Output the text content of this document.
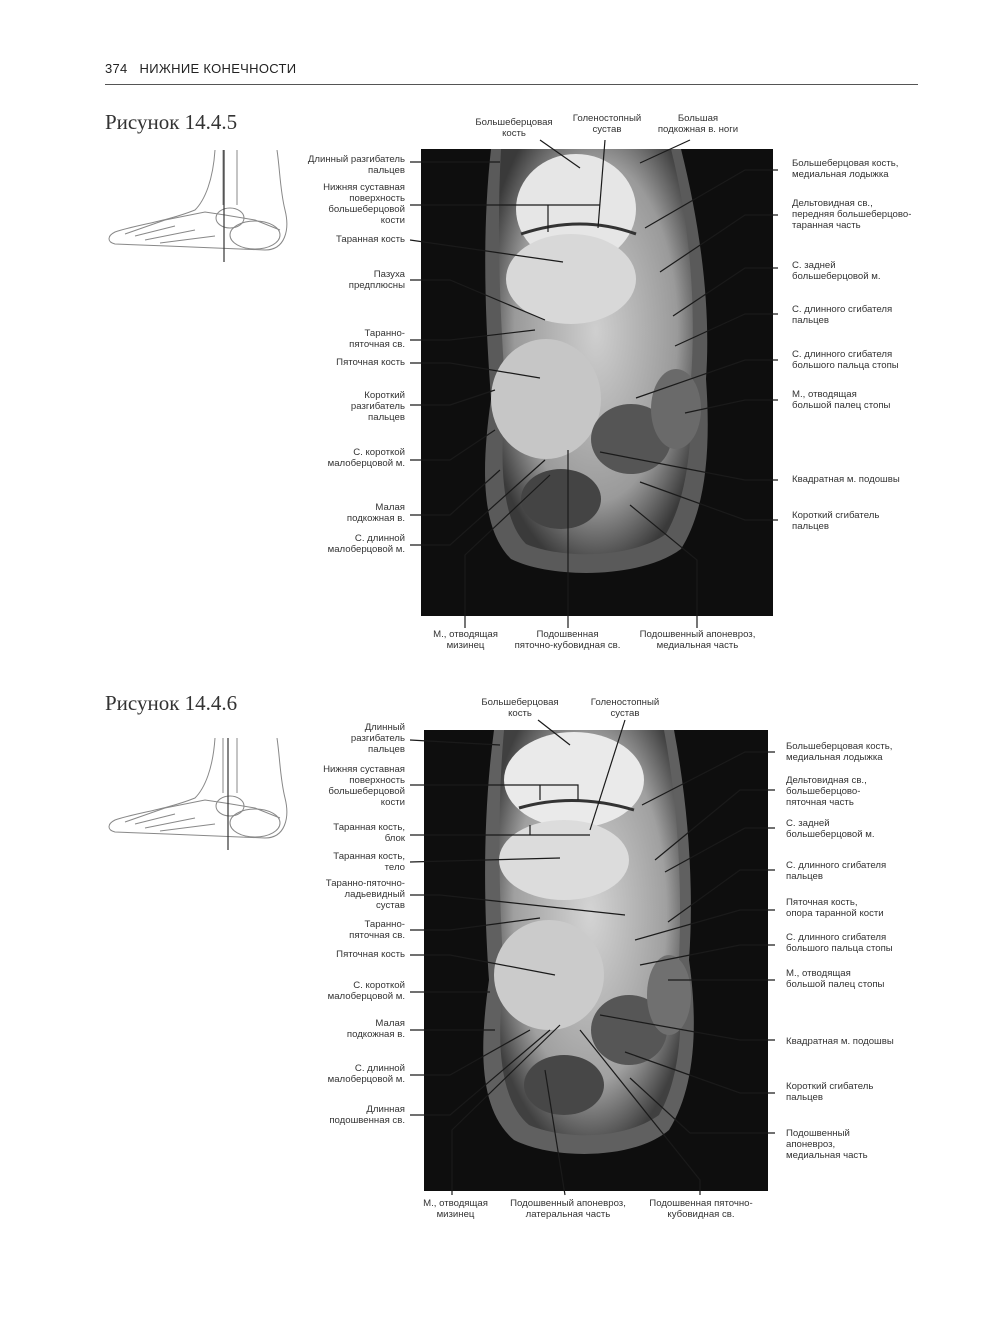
374 НИЖНИЕ КОНЕЧНОСТИ
Рисунок 14.4.5	Большеберцовая
кость
Голеностопный
сустав
Большая
подкожная в. ноги
Длинный разгибатель
пальцев
Нижняя суставная
поверхность
большеберцовой
кости
Таранная кость
Пазуха
предплюсны
Таранно-
пяточная св.
Пяточная кость
Короткий
разгибатель
пальцев
С. короткой
малоберцовой м.
Малая
подкожная в.
С. длинной
малоберцовой м.
Большеберцовая кость,
медиальная лодыжка
Дельтовидная св.,
передняя большеберцово-
таранная часть
С. задней
большеберцовой м.
С. длинного сгибателя
пальцев
С. длинного сгибателя
большого пальца стопы
М., отводящая
большой палец стопы
Квадратная м. подошвы
Короткий сгибатель
пальцев
М., отводящая
мизинец
Подошвенная
пяточно-кубовидная св.
Подошвенный апоневроз,
медиальная часть
Рисунок 14.4.6	Большеберцовая
кость
Голеностопный
сустав
Длинный
разгибатель
пальцев
Нижняя суставная
поверхность
большеберцовой
кости
Таранная кость,
блок
Таранная кость,
тело
Таранно-пяточно-
ладьевидный
сустав
Таранно-
пяточная св.
Пяточная кость
С. короткой
малоберцовой м.
Малая
подкожная в.
С. длинной
малоберцовой м.
Длинная
подошвенная св.
Большеберцовая кость,
медиальная лодыжка
Дельтовидная св.,
большеберцово-
пяточная часть
С. задней
большеберцовой м.
С. длинного сгибателя
пальцев
Пяточная кость,
опора таранной кости
С. длинного сгибателя
большого пальца стопы
М., отводящая
большой палец стопы
Квадратная м. подошвы
Короткий сгибатель
пальцев
Подошвенный
апоневроз,
медиальная часть
М., отводящая
мизинец
Подошвенный апоневроз,
латеральная часть
Подошвенная пяточно-
кубовидная св.
